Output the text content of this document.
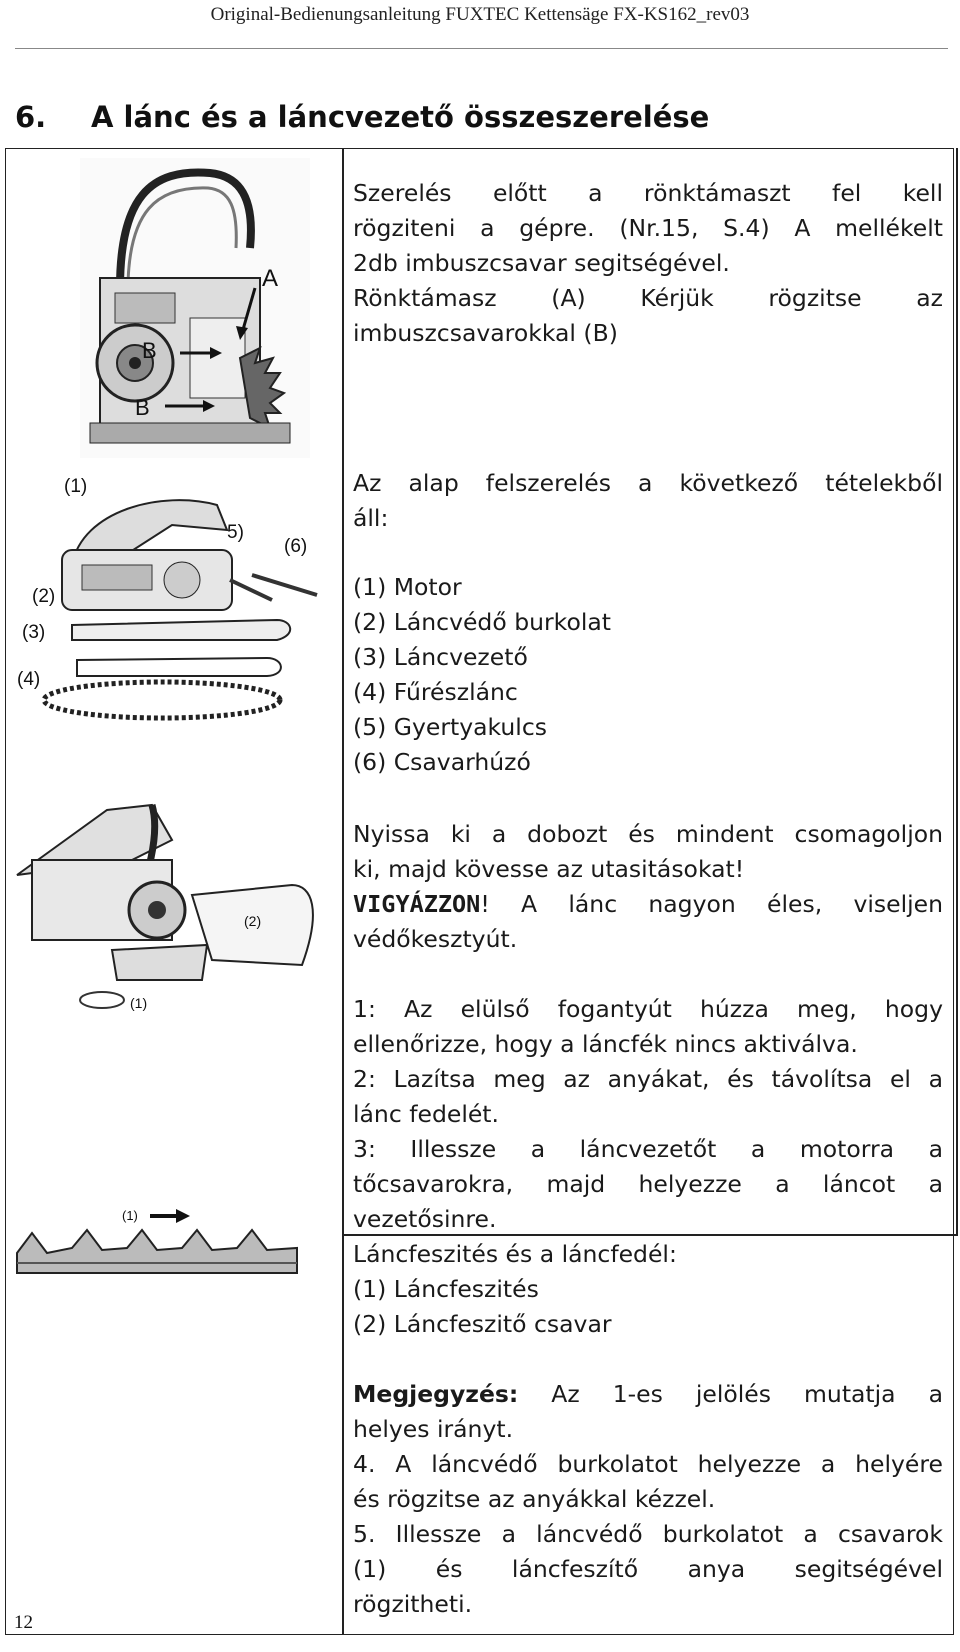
Original-Bedienungsanleitung FUXTEC Kettensäge FX-KS162_rev03
6. A lánc és a láncvezető összeszerelése
A
B
B
(1)
5)
(6)
(2)
(3)
(4)
(1)
(2)
(1)

Szerelés előtt a rönktámaszt fel kell

rögziteni a gépre. (Nr.15, S.4) A mellékelt

2db imbuszcsavar segitségével.

Rönktámasz (A) Kérjük rögzitse az

imbuszcsavarokkal (B)

Az alap felszerelés a következő tételekből

áll:

(1) Motor

(2) Láncvédő burkolat

(3) Láncvezető

(4) Fűrészlánc

(5) Gyertyakulcs

(6) Csavarhúzó

Nyissa ki a dobozt és mindent csomagoljon

ki, majd kövesse az utasitásokat!

VIGYÁZZON! A lánc nagyon éles, viseljen

védőkesztyút.

1: Az elülső fogantyút húzza meg, hogy

ellenőrizze, hogy a láncfék nincs aktiválva.

2: Lazítsa meg az anyákat, és távolítsa el a

lánc fedelét.

3: Illessze a láncvezetőt a motorra a

tőcsavarokra, majd helyezze a láncot a

vezetősinre.

Láncfeszités és a láncfedél:

(1) Láncfeszités

(2) Láncfeszitő csavar

Megjegyzés: Az 1-es jelölés mutatja a

helyes irányt.

4. A láncvédő burkolatot helyezze a helyére

és rögzitse az anyákkal kézzel.

5. Illessze a láncvédő burkolatot a csavarok

(1) és láncfeszítő anya segitségével

rögzitheti.

12
